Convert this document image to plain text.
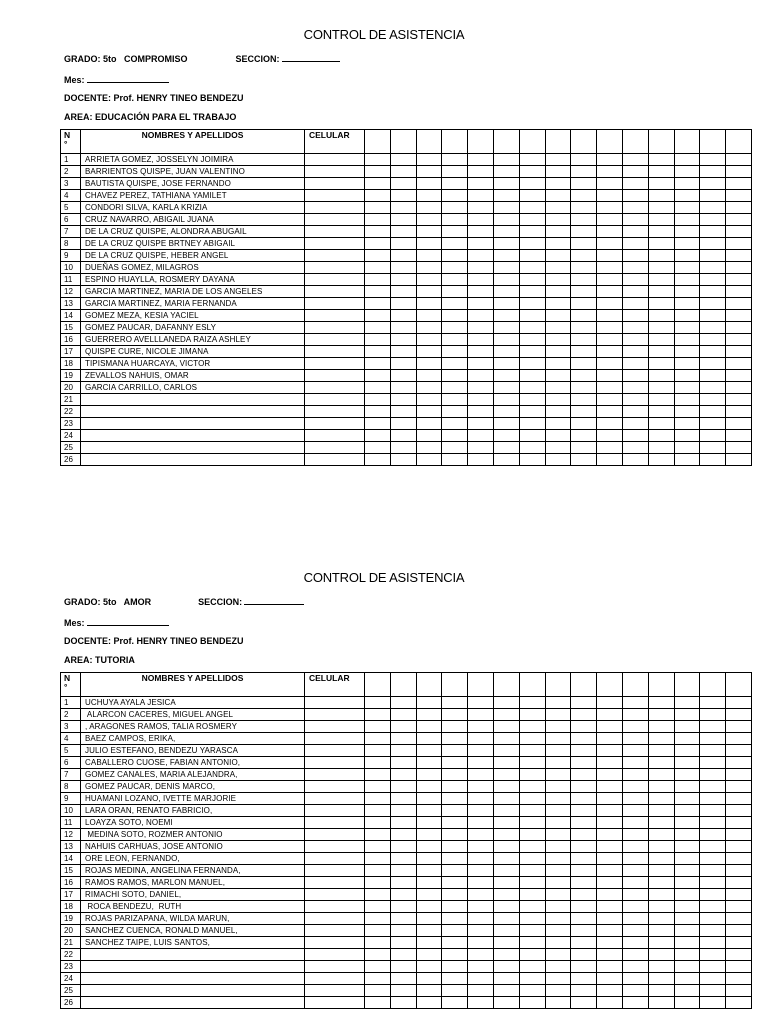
CONTROL DE ASISTENCIA
GRADO: 5to COMPROMISO	SECCION:
Mes:
DOCENTE: Prof. HENRY TINEO BENDEZU
AREA: EDUCACIÓN PARA EL TRABAJO
N
°	NOMBRES Y APELLIDOS	CELULAR															
1	ARRIETA GOMEZ, JOSSELYN JOIMIRA																
2	BARRIENTOS QUISPE, JUAN VALENTINO																
3	BAUTISTA QUISPE, JOSE FERNANDO																
4	CHAVEZ PEREZ, TATHIANA YAMILET																
5	CONDORI SILVA, KARLA KRIZIA																
6	CRUZ NAVARRO, ABIGAIL JUANA																
7	DE LA CRUZ QUISPE, ALONDRA ABUGAIL																
8	DE LA CRUZ QUISPE BRTNEY ABIGAIL																
9	DE LA CRUZ QUISPE, HEBER ANGEL																
10	DUEÑAS GOMEZ, MILAGROS																
11	ESPINO HUAYLLA, ROSMERY DAYANA																
12	GARCIA MARTINEZ, MARIA DE LOS ANGELES																
13	GARCIA MARTINEZ, MARIA FERNANDA																
14	GOMEZ MEZA, KESIA YACIEL																
15	GOMEZ PAUCAR, DAFANNY ESLY																
16	GUERRERO AVELLLANEDA RAIZA ASHLEY																
17	QUISPE CURE, NICOLE JIMANA																
18	TIPISMANA HUARCAYA, VICTOR																
19	ZEVALLOS NAHUIS, OMAR																
20	GARCIA CARRILLO, CARLOS																
21																	
22																	
23																	
24																	
25																	
26																	
CONTROL DE ASISTENCIA
GRADO: 5to AMOR	SECCION:
Mes:
DOCENTE: Prof. HENRY TINEO BENDEZU
AREA: TUTORIA
N
°	NOMBRES Y APELLIDOS	CELULAR															
1	UCHUYA AYALA JESICA																
2	ALARCON CACERES, MIGUEL ANGEL																
3	, ARAGONES RAMOS, TALIA ROSMERY																
4	BAEZ CAMPOS, ERIKA,																
5	JULIO ESTEFANO, BENDEZU YARASCA																
6	CABALLERO CUOSE, FABIAN ANTONIO,																
7	GOMEZ CANALES, MARIA ALEJANDRA,																
8	GOMEZ PAUCAR, DENIS MARCO,																
9	HUAMANI LOZANO, IVETTE MARJORIE																
10	LARA ORAN, RENATO FABRICIO,																
11	LOAYZA SOTO, NOEMI																
12	MEDINA SOTO, ROZMER ANTONIO																
13	NAHUIS CARHUAS, JOSE ANTONIO																
14	ORE LEON, FERNANDO,																
15	ROJAS MEDINA, ANGELINA FERNANDA,																
16	RAMOS RAMOS, MARLON MANUEL,																
17	RIMACHI SOTO, DANIEL,																
18	ROCA BENDEZU,  RUTH																
19	ROJAS PARIZAPANA, WILDA MARUN,																
20	SANCHEZ CUENCA, RONALD MANUEL,																
21	SANCHEZ TAIPE, LUIS SANTOS,																
22																	
23																	
24																	
25																	
26																	
